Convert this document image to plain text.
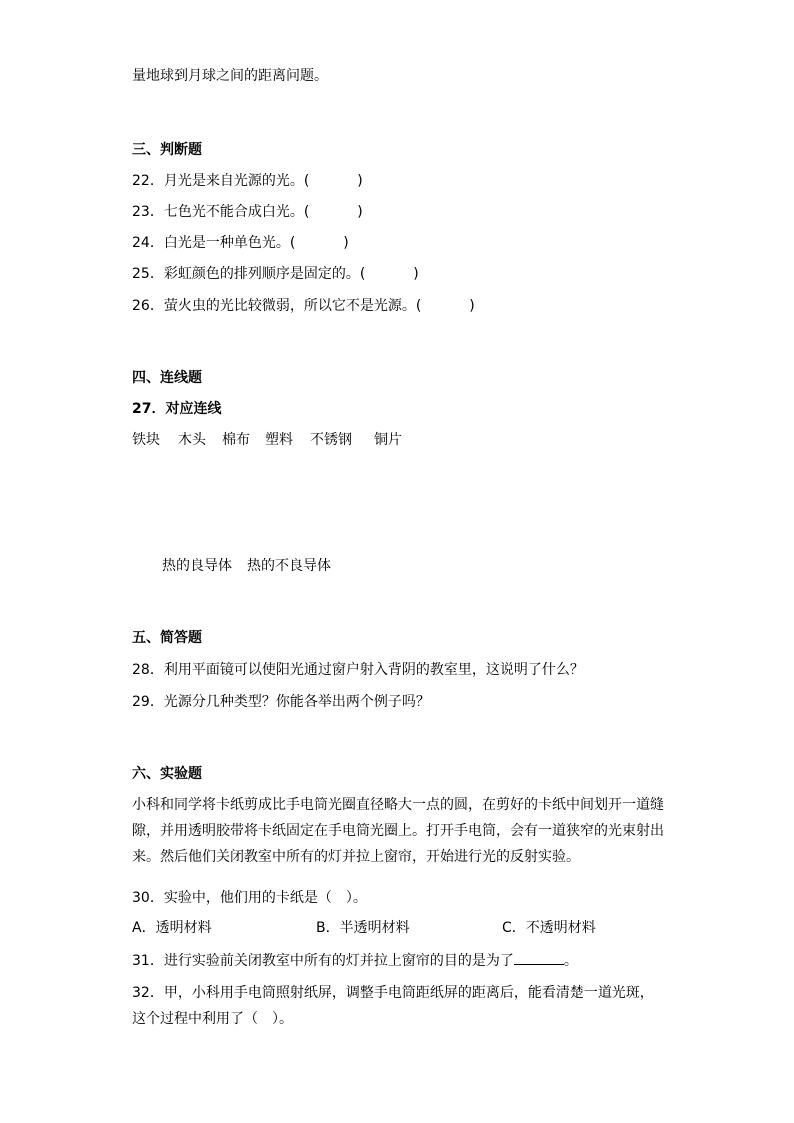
量地球到月球之间的距离问题。
三、判断题
22．月光是来自光源的光。(	)
23．七色光不能合成白光。(	)
24．白光是一种单色光。(	)
25．彩虹颜色的排列顺序是固定的。(	)
26．萤火虫的光比较微弱，所以它不是光源。(	)
四、连线题
27．对应连线
铁块 木头 棉布 塑料 不锈钢 铜片
热的良导体 热的不良导体
五、简答题
28．利用平面镜可以使阳光通过窗户射入背阴的教室里，这说明了什么？
29．光源分几种类型？你能各举出两个例子吗？
六、实验题
小科和同学将卡纸剪成比手电筒光圈直径略大一点的圆，在剪好的卡纸中间划开一道缝隙，并用透明胶带将卡纸固定在手电筒光圈上。打开手电筒，会有一道狭窄的光束射出来。然后他们关闭教室中所有的灯并拉上窗帘，开始进行光的反射实验。
30．实验中，他们用的卡纸是（　）。
A．透明材料	B．半透明材料	C．不透明材料
31．进行实验前关闭教室中所有的灯并拉上窗帘的目的是为了	。
32．甲，小科用手电筒照射纸屏，调整手电筒距纸屏的距离后，能看清楚一道光斑，这个过程中利用了（　）。
